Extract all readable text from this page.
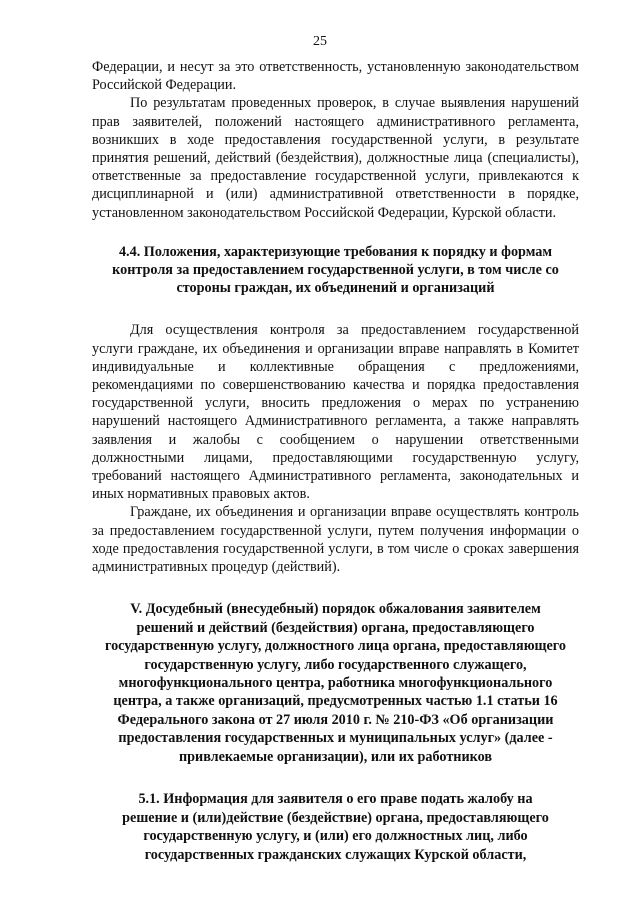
25

Федерации, и несут за это ответственность, установленную законодательством Российской Федерации.

По результатам проведенных проверок, в случае выявления нарушений прав заявителей, положений настоящего административного регламента, возникших в ходе предоставления государственной услуги, в результате принятия решений, действий (бездействия), должностные лица (специалисты), ответственные за предоставление государственной услуги, привлекаются к дисциплинарной и (или) административной ответственности в порядке, установленном законодательством Российской Федерации, Курской области.

4.4. Положения, характеризующие требования к порядку и формам контроля за предоставлением государственной услуги, в том числе со стороны граждан, их объединений и организаций

Для осуществления контроля за предоставлением государственной услуги граждане, их объединения и организации вправе направлять в Комитет индивидуальные и коллективные обращения с предложениями, рекомендациями по совершенствованию качества и порядка предоставления государственной услуги, вносить предложения о мерах по устранению нарушений настоящего Административного регламента, а также направлять заявления и жалобы с сообщением о нарушении ответственными должностными лицами, предоставляющими государственную услугу, требований настоящего Административного регламента, законодательных и иных нормативных правовых актов.

Граждане, их объединения и организации вправе осуществлять контроль за предоставлением государственной услуги, путем получения информации о ходе предоставления государственной услуги, в том числе о сроках завершения административных процедур (действий).

V. Досудебный (внесудебный) порядок обжалования заявителем решений и действий (бездействия) органа, предоставляющего государственную услугу, должностного лица органа, предоставляющего государственную услугу, либо государственного служащего, многофункционального центра, работника многофункционального центра, а также организаций, предусмотренных частью 1.1 статьи 16 Федерального закона от 27 июля 2010 г. № 210-ФЗ «Об организации предоставления государственных и муниципальных услуг» (далее - привлекаемые организации), или их работников
5.1. Информация для заявителя о его праве подать жалобу на решение и (или)действие (бездействие) органа, предоставляющего государственную услугу, и (или) его должностных лиц, либо государственных гражданских служащих Курской области,
